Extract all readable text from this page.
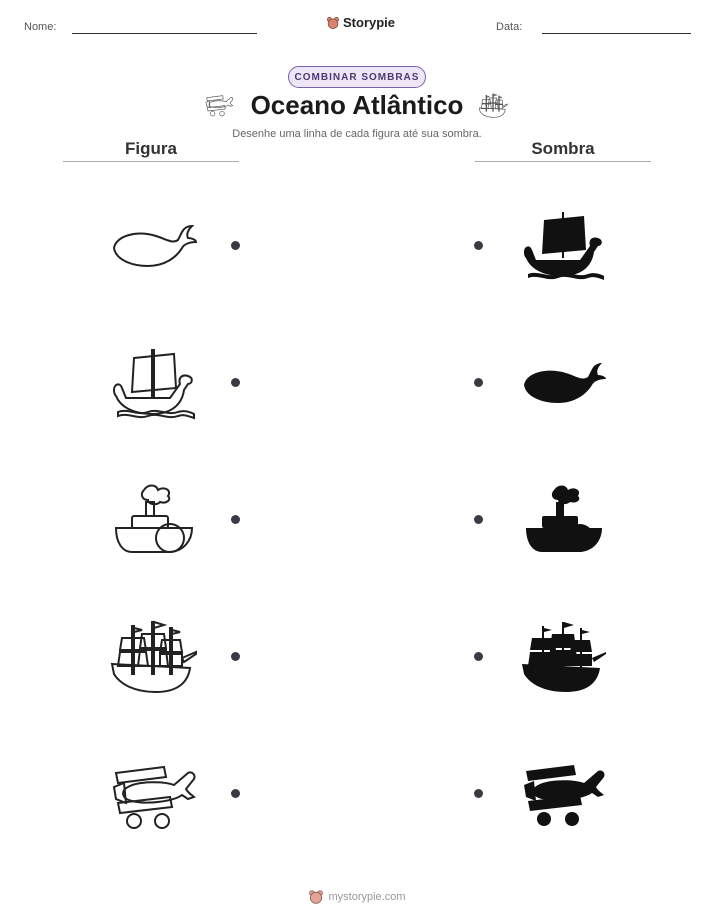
Nome:	Storypie	Data:
COMBINAR SOMBRAS
Oceano Atlântico
Desenhe uma linha de cada figura até sua sombra.
Figura	Sombra
mystorypie.com
